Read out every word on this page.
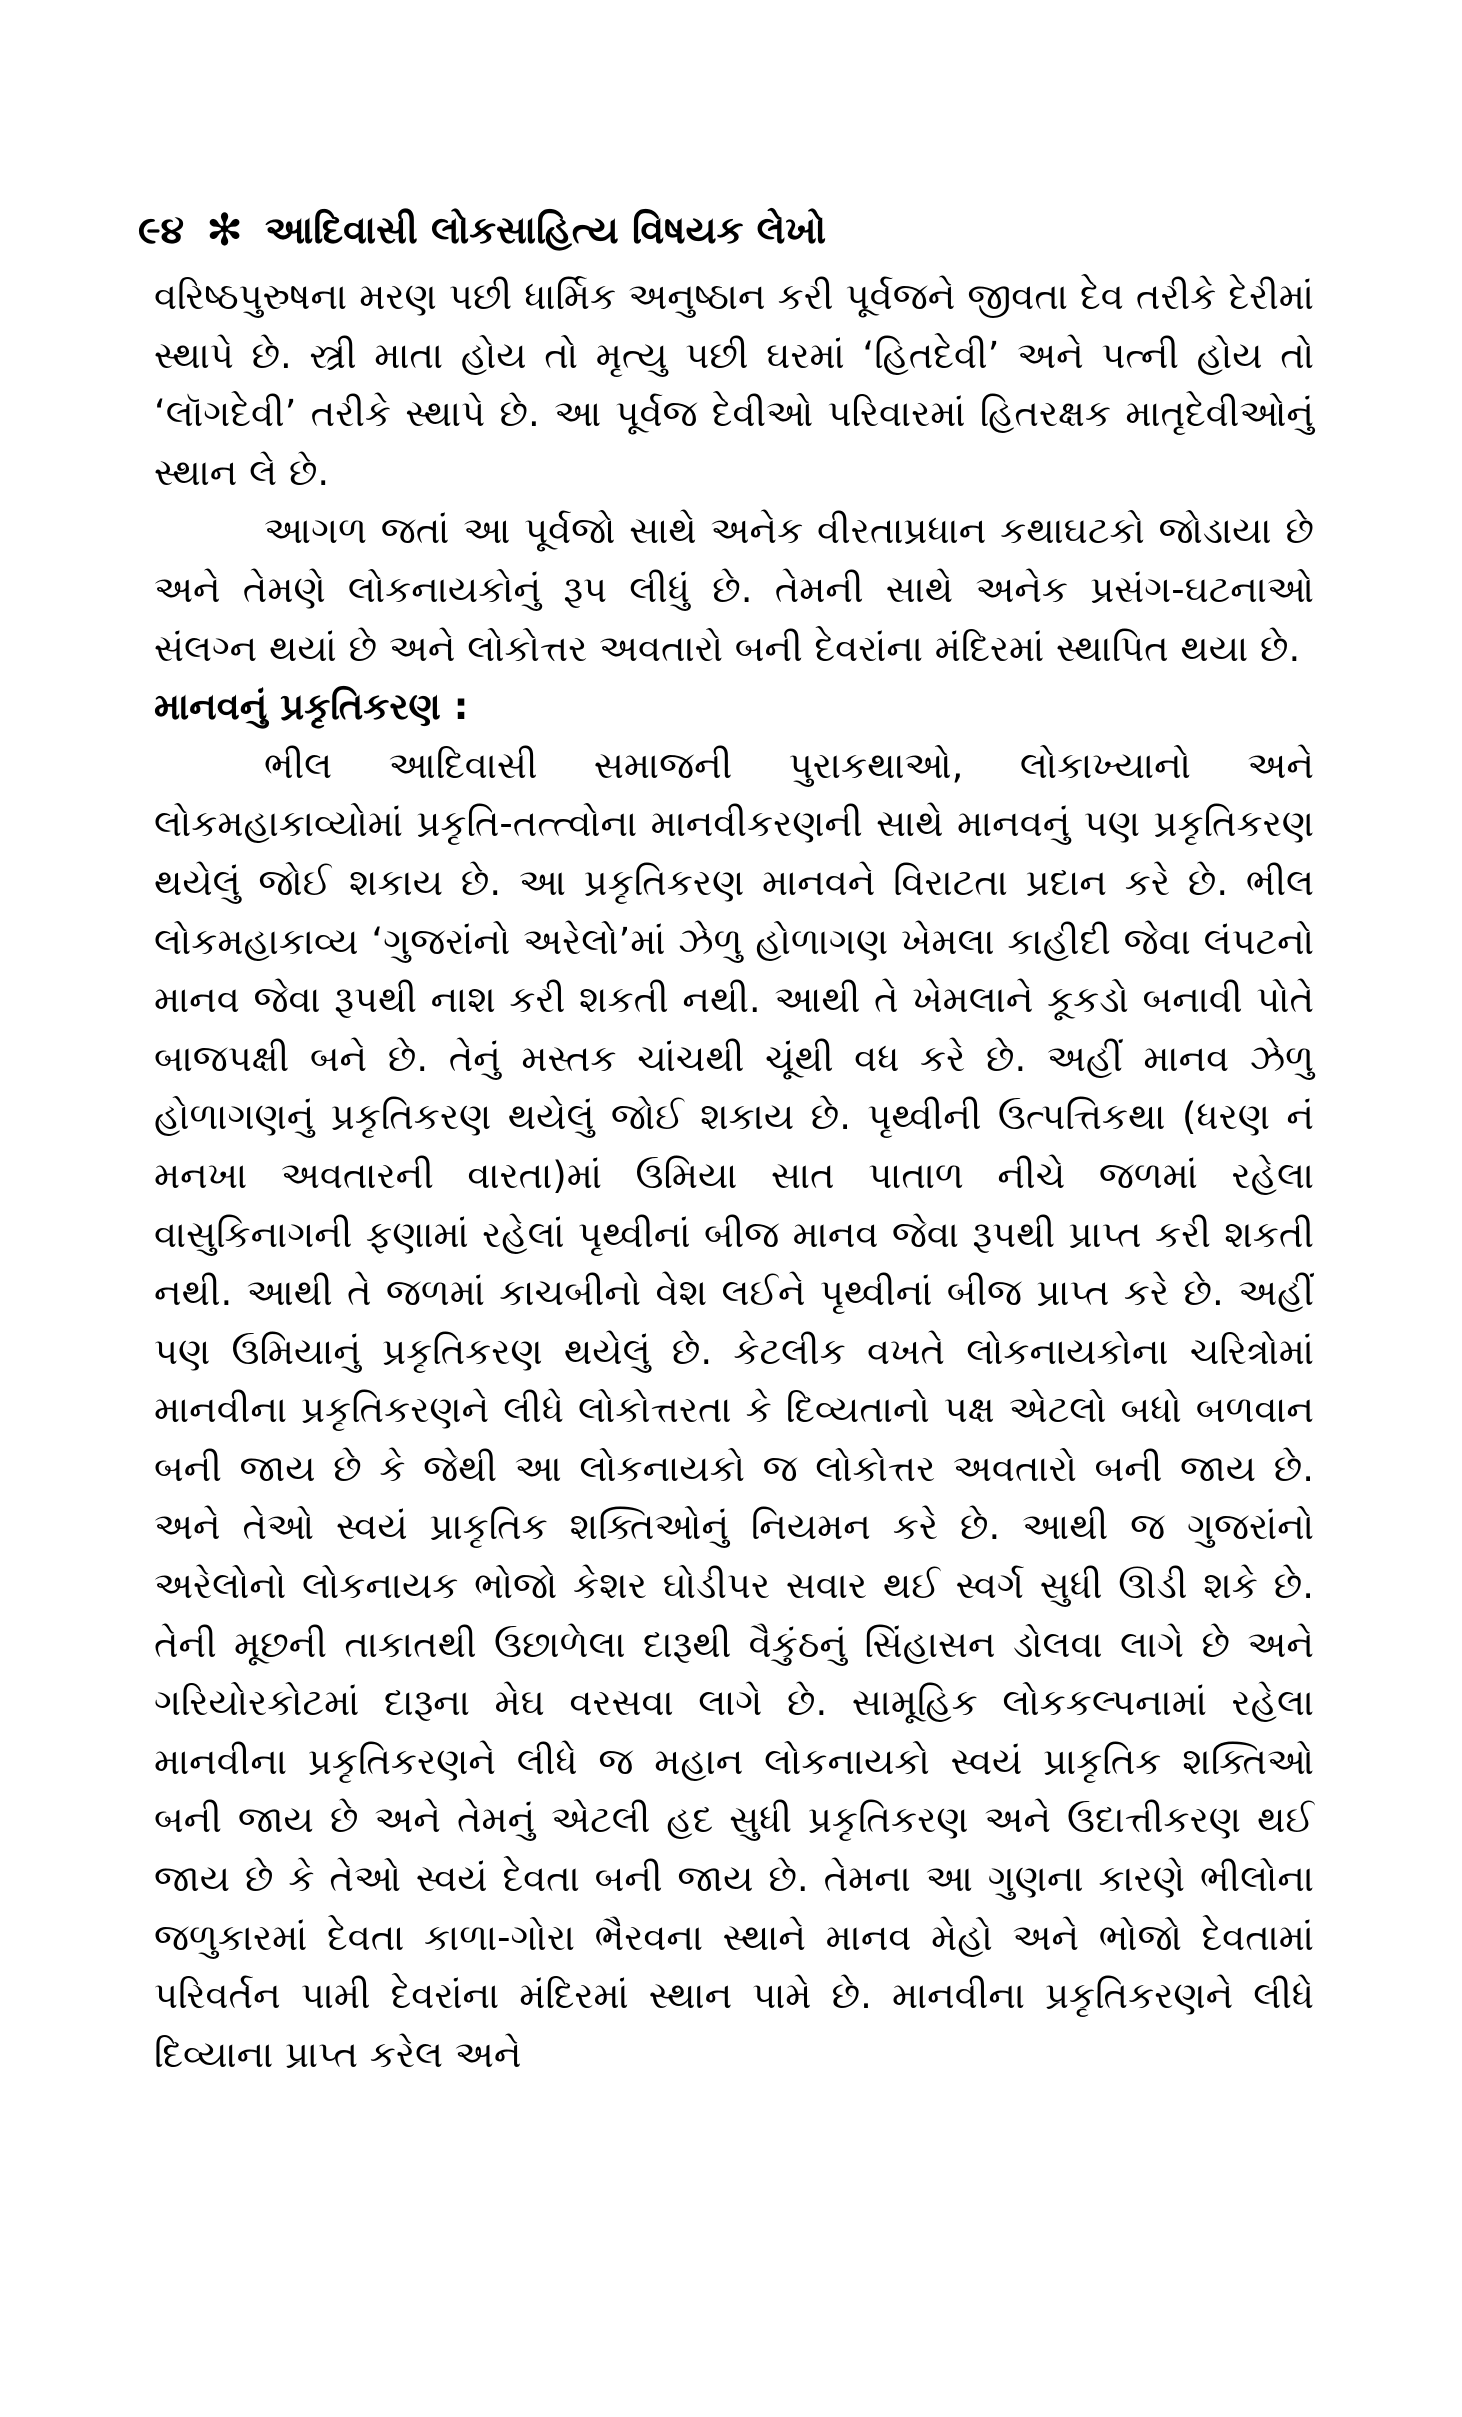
૯૪ ✻ આદિવાસી લોકસાહિત્ય વિષયક લેખો

વરિષ્ઠપુરુષના મરણ પછી ધાર્મિક અનુષ્ઠાન કરી પૂર્વજને જીવતા દેવ તરીકે દેરીમાં સ્થાપે છે. સ્ત્રી માતા હોય તો મૃત્યુ પછી ઘરમાં ‘હિતદેવી’ અને પત્ની હોય તો ‘લૉગદેવી’ તરીકે સ્થાપે છે. આ પૂર્વજ દેવીઓ પરિવારમાં હિતરક્ષક માતૃદેવીઓનું સ્થાન લે છે.

આગળ જતાં આ પૂર્વજો સાથે અનેક વીરતાપ્રધાન કથાઘટકો જોડાયા છે અને તેમણે લોકનાયકોનું રૂપ લીધું છે. તેમની સાથે અનેક પ્રસંગ-ઘટનાઓ સંલગ્ન થયાં છે અને લોકોત્તર અવતારો બની દેવરાંના મંદિરમાં સ્થાપિત થયા છે.

માનવનું પ્રકૃતિકરણ :

ભીલ આદિવાસી સમાજની પુરાકથાઓ, લોકાખ્યાનો અને લોકમહાકાવ્યોમાં પ્રકૃતિ-તત્ત્વોના માનવીકરણની સાથે માનવનું પણ પ્રકૃતિકરણ થયેલું જોઈ શકાય છે. આ પ્રકૃતિકરણ માનવને વિરાટતા પ્રદાન કરે છે. ભીલ લોકમહાકાવ્ય ‘ગુજરાંનો અરેલો’માં ઝેળુ હોળાગણ ખેમલા કાહીદી જેવા લંપટનો માનવ જેવા રૂપથી નાશ કરી શકતી નથી. આથી તે ખેમલાને કૂકડો બનાવી પોતે બાજપક્ષી બને છે. તેનું મસ્તક ચાંચથી ચૂંથી વધ કરે છે. અહીં માનવ ઝેળુ હોળાગણનું પ્રકૃતિકરણ થયેલું જોઈ શકાય છે. પૃથ્વીની ઉત્પત્તિકથા (ધરણ નં મનખા અવતારની વારતા)માં ઉમિયા સાત પાતાળ નીચે જળમાં રહેલા વાસુકિનાગની ફણામાં રહેલાં પૃથ્વીનાં બીજ માનવ જેવા રૂપથી પ્રાપ્ત કરી શકતી નથી. આથી તે જળમાં કાચબીનો વેશ લઈને પૃથ્વીનાં બીજ પ્રાપ્ત કરે છે. અહીં પણ ઉમિયાનું પ્રકૃતિકરણ થયેલું છે. કેટલીક વખતે લોકનાયકોના ચરિત્રોમાં માનવીના પ્રકૃતિકરણને લીધે લોકોત્તરતા કે દિવ્યતાનો પક્ષ એટલો બધો બળવાન બની જાય છે કે જેથી આ લોકનાયકો જ લોકોત્તર અવતારો બની જાય છે. અને તેઓ સ્વયં પ્રાકૃતિક શક્તિઓનું નિયમન કરે છે. આથી જ ગુજરાંનો અરેલોનો લોકનાયક ભોજો કેશર ઘોડીપર સવાર થઈ સ્વર્ગ સુધી ઊડી શકે છે. તેની મૂછની તાકાતથી ઉછાળેલા દારૂથી વૈકુંઠનું સિંહાસન ડોલવા લાગે છે અને ગરિયોરકોટમાં દારૂના મેઘ વરસવા લાગે છે. સામૂહિક લોકકલ્પનામાં રહેલા માનવીના પ્રકૃતિકરણને લીધે જ મહાન લોકનાયકો સ્વયં પ્રાકૃતિક શક્તિઓ બની જાય છે અને તેમનું એટલી હદ સુધી પ્રકૃતિકરણ અને ઉદાત્તીકરણ થઈ જાય છે કે તેઓ સ્વયં દેવતા બની જાય છે. તેમના આ ગુણના કારણે ભીલોના જળુકારમાં દેવતા કાળા-ગોરા ભૈરવના સ્થાને માનવ મેહો અને ભોજો દેવતામાં પરિવર્તન પામી દેવરાંના મંદિરમાં સ્થાન પામે છે. માનવીના પ્રકૃતિકરણને લીધે દિવ્યાના પ્રાપ્ત કરેલ અને
